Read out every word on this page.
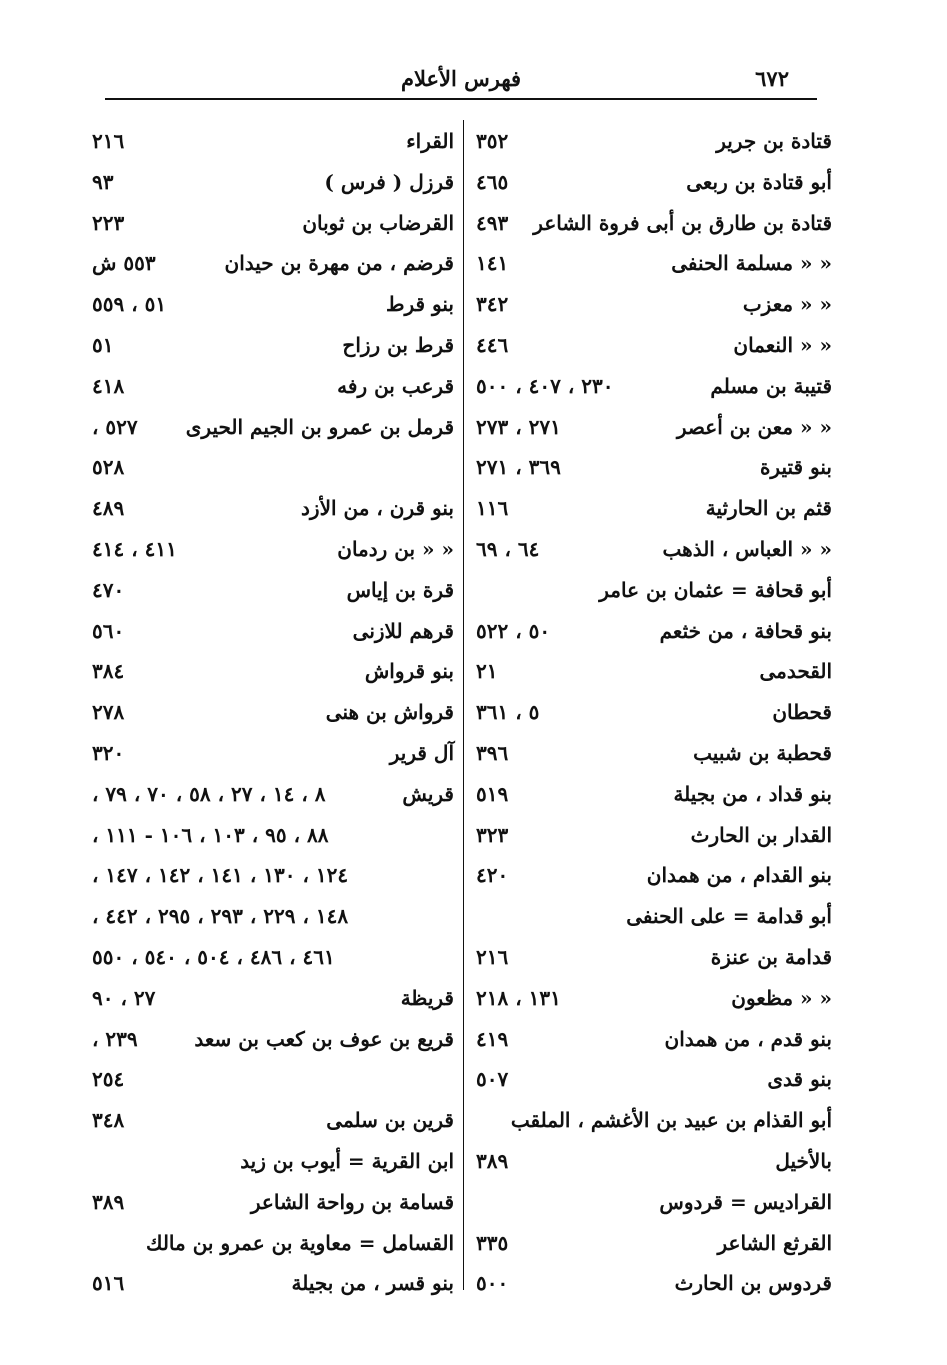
٦٧٢
فهرس الأعلام
قتادة بن جرير
٣٥٢
أبو قتادة بن ربعى
٤٦٥
قتادة بن طارق بن أبى فروة الشاعر
٤٩٣
« « مسلمة الحنفى
١٤١
« « معزب
٣٤٢
« « النعمان
٤٤٦
قتيبة بن مسلم
٢٣٠ ، ٤٠٧ ، ٥٠٠
« « معن بن أعصر
٢٧١ ، ٢٧٣
بنو قتيرة
٣٦٩ ، ٢٧١
قثم بن الحارثية
١١٦
« « العباس ، الذهب
٦٤ ، ٦٩
أبو قحافة = عثمان بن عامر
بنو قحافة ، من خثعم
٥٠ ، ٥٢٢
القحدمى
٢١
قحطان
٥ ، ٣٦١
قحطبة بن شبيب
٣٩٦
بنو قداد ، من بجيلة
٥١٩
القدار بن الحارث
٣٢٣
بنو القدام ، من همدان
٤٢٠
أبو قدامة = على الحنفى
قدامة بن عنزة
٢١٦
« « مظعون
١٣١ ، ٢١٨
بنو قدم ، من همدان
٤١٩
بنو قدى
٥٠٧
أبو القذام بن عبيد بن الأغشم ، الملقب
بالأخيل
٣٨٩
القراديس = قردوس
القرثع الشاعر
٣٣٥
قردوس بن الحارث
٥٠٠
القراء
٢١٦
قرزل ( فرس )
٩٣
القرضاب بن ثوبان
٢٢٣
قرضم ، من مهرة بن حيدان
٥٥٣ ش
بنو قرط
٥١ ، ٥٥٩
قرط بن رزاح
٥١
قرعب بن رفه
٤١٨
قرمل بن عمرو بن الجيم الحيرى
٥٢٧ ،
٥٢٨
بنو قرن ، من الأزد
٤٨٩
« « بن ردمان
٤١١ ، ٤١٤
قرة بن إياس
٤٧٠
قرهم للازنى
٥٦٠
بنو قرواش
٣٨٤
قرواش بن هنى
٢٧٨
آل قرير
٣٢٠
قريش
٨ ، ١٤ ، ٢٧ ، ٥٨ ، ٧٠ ، ٧٩ ،
٨٨ ، ٩٥ ، ١٠٣ ، ١٠٦ - ١١١ ،
١٢٤ ، ١٣٠ ، ١٤١ ، ١٤٢ ، ١٤٧ ،
١٤٨ ، ٢٢٩ ، ٢٩٣ ، ٢٩٥ ، ٤٤٢ ،
٤٦١ ، ٤٨٦ ، ٥٠٤ ، ٥٤٠ ، ٥٥٠
قريظة
٢٧ ، ٩٠
قريع بن عوف بن كعب بن سعد
٢٣٩ ،
٢٥٤
قرين بن سلمى
٣٤٨
ابن القرية = أيوب بن زيد
قسامة بن رواحة الشاعر
٣٨٩
القسامل = معاوية بن عمرو بن مالك
بنو قسر ، من بجيلة
٥١٦
